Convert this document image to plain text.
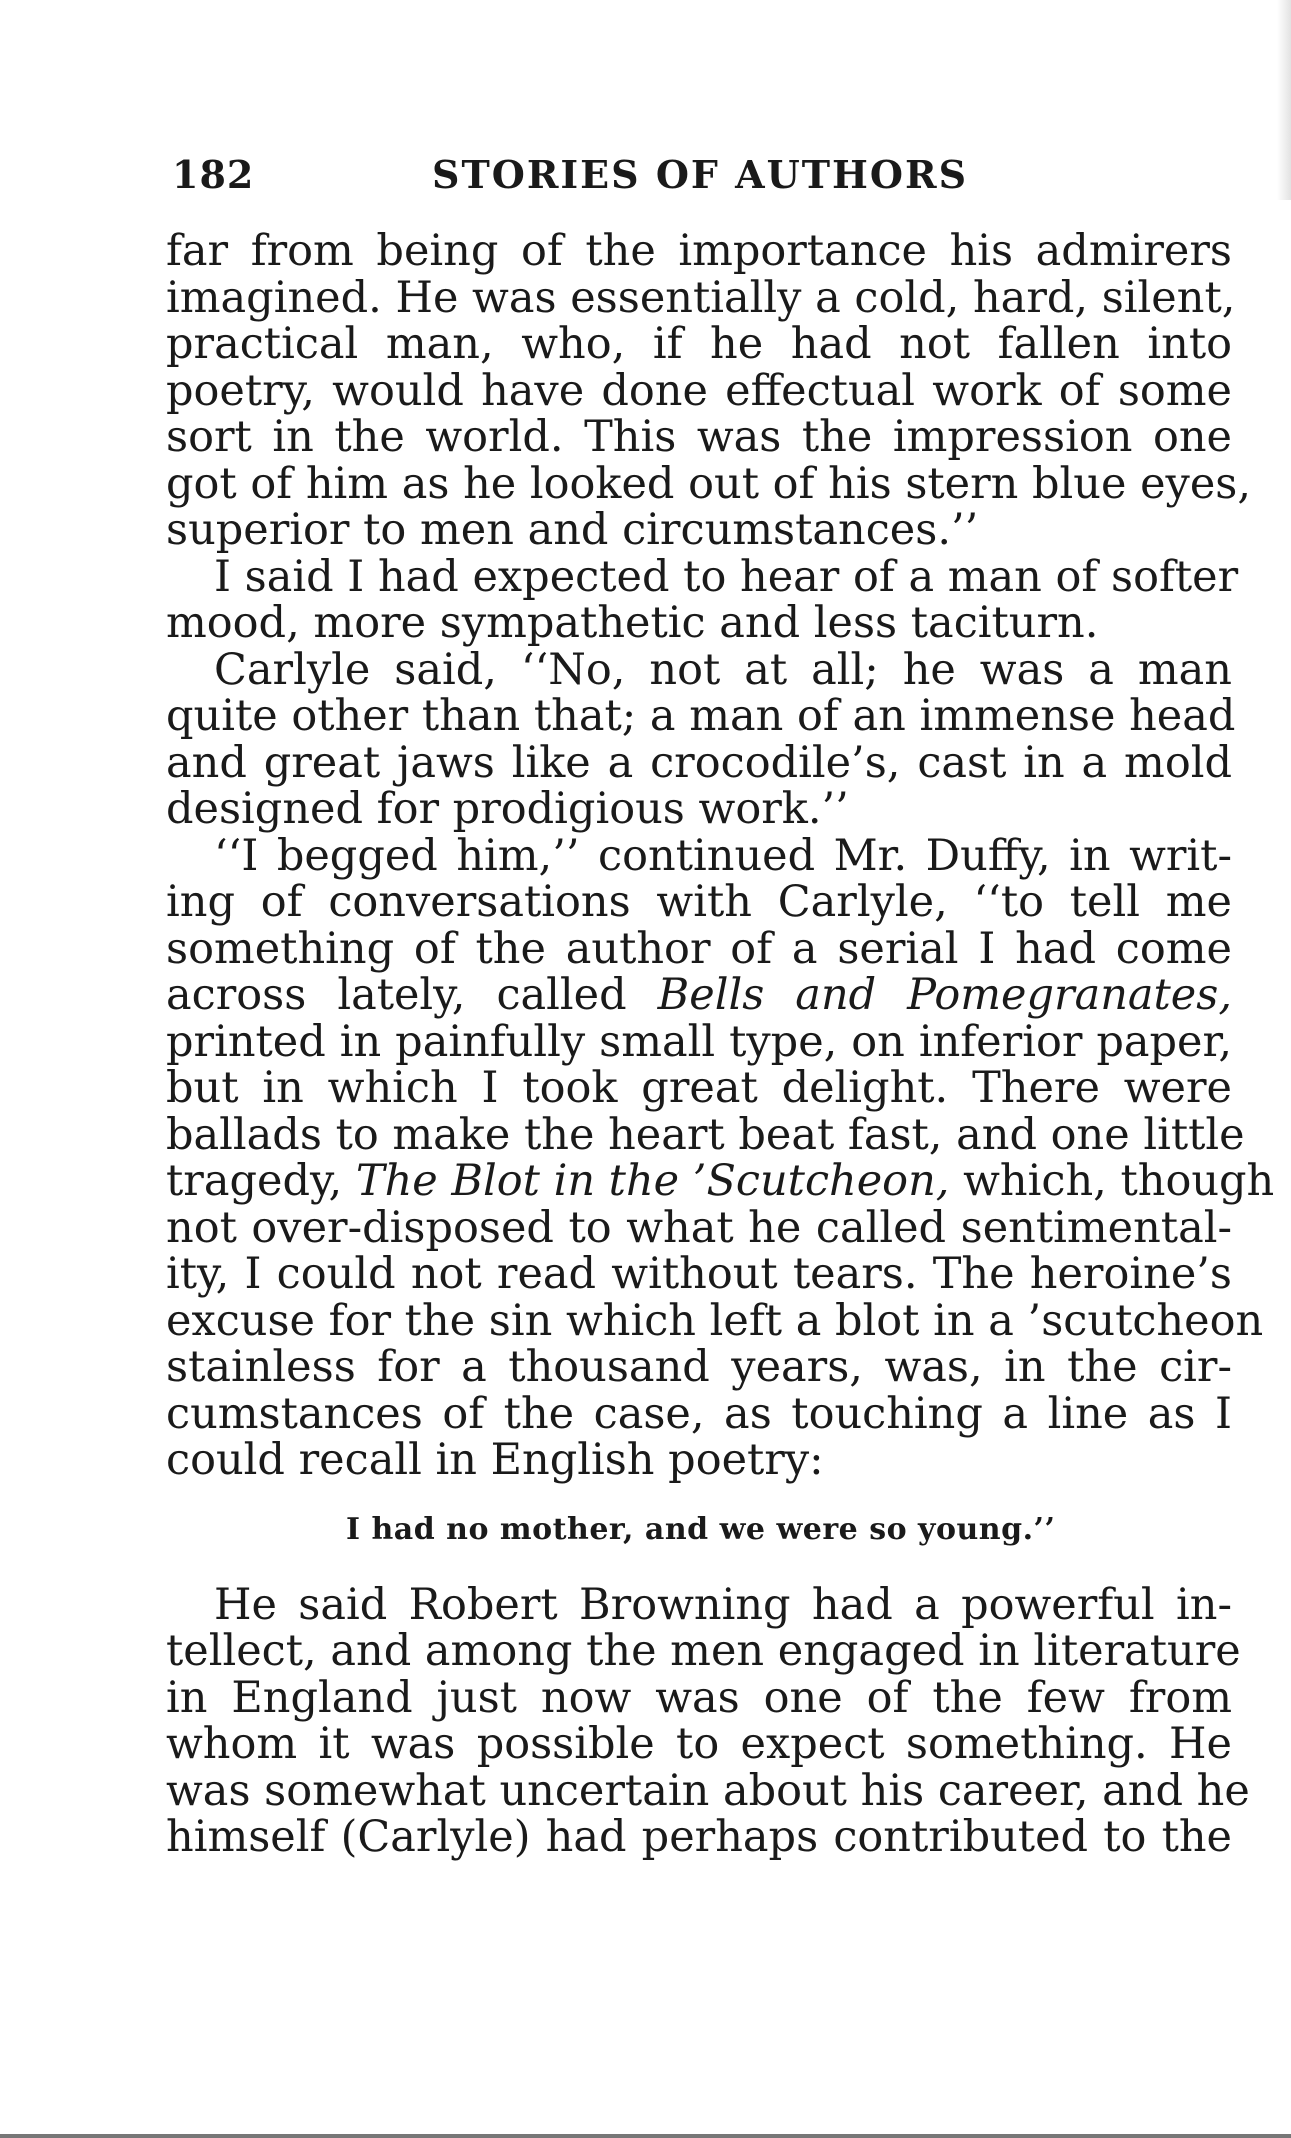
182	STORIES OF AUTHORS
far from being of the importance his admirers
imagined. He was essentially a cold, hard, silent,
practical man, who, if he had not fallen into
poetry, would have done effectual work of some
sort in the world. This was the impression one
got of him as he looked out of his stern blue eyes,
superior to men and circumstances.’’
I said I had expected to hear of a man of softer
mood, more sympathetic and less taciturn.
Carlyle said, ‘‘No, not at all; he was a man
quite other than that; a man of an immense head
and great jaws like a crocodile’s, cast in a mold
designed for prodigious work.’’
‘‘I begged him,’’ continued Mr. Duffy, in writ-
ing of conversations with Carlyle, ‘‘to tell me
something of the author of a serial I had come
across lately, called Bells and Pomegranates,
printed in painfully small type, on inferior paper,
but in which I took great delight. There were
ballads to make the heart beat fast, and one little
tragedy, The Blot in the ’Scutcheon, which, though
not over-disposed to what he called sentimental-
ity, I could not read without tears. The heroine’s
excuse for the sin which left a blot in a ’scutcheon
stainless for a thousand years, was, in the cir-
cumstances of the case, as touching a line as I
could recall in English poetry:
I had no mother, and we were so young.’’
He said Robert Browning had a powerful in-
tellect, and among the men engaged in literature
in England just now was one of the few from
whom it was possible to expect something. He
was somewhat uncertain about his career, and he
himself (Carlyle) had perhaps contributed to the
